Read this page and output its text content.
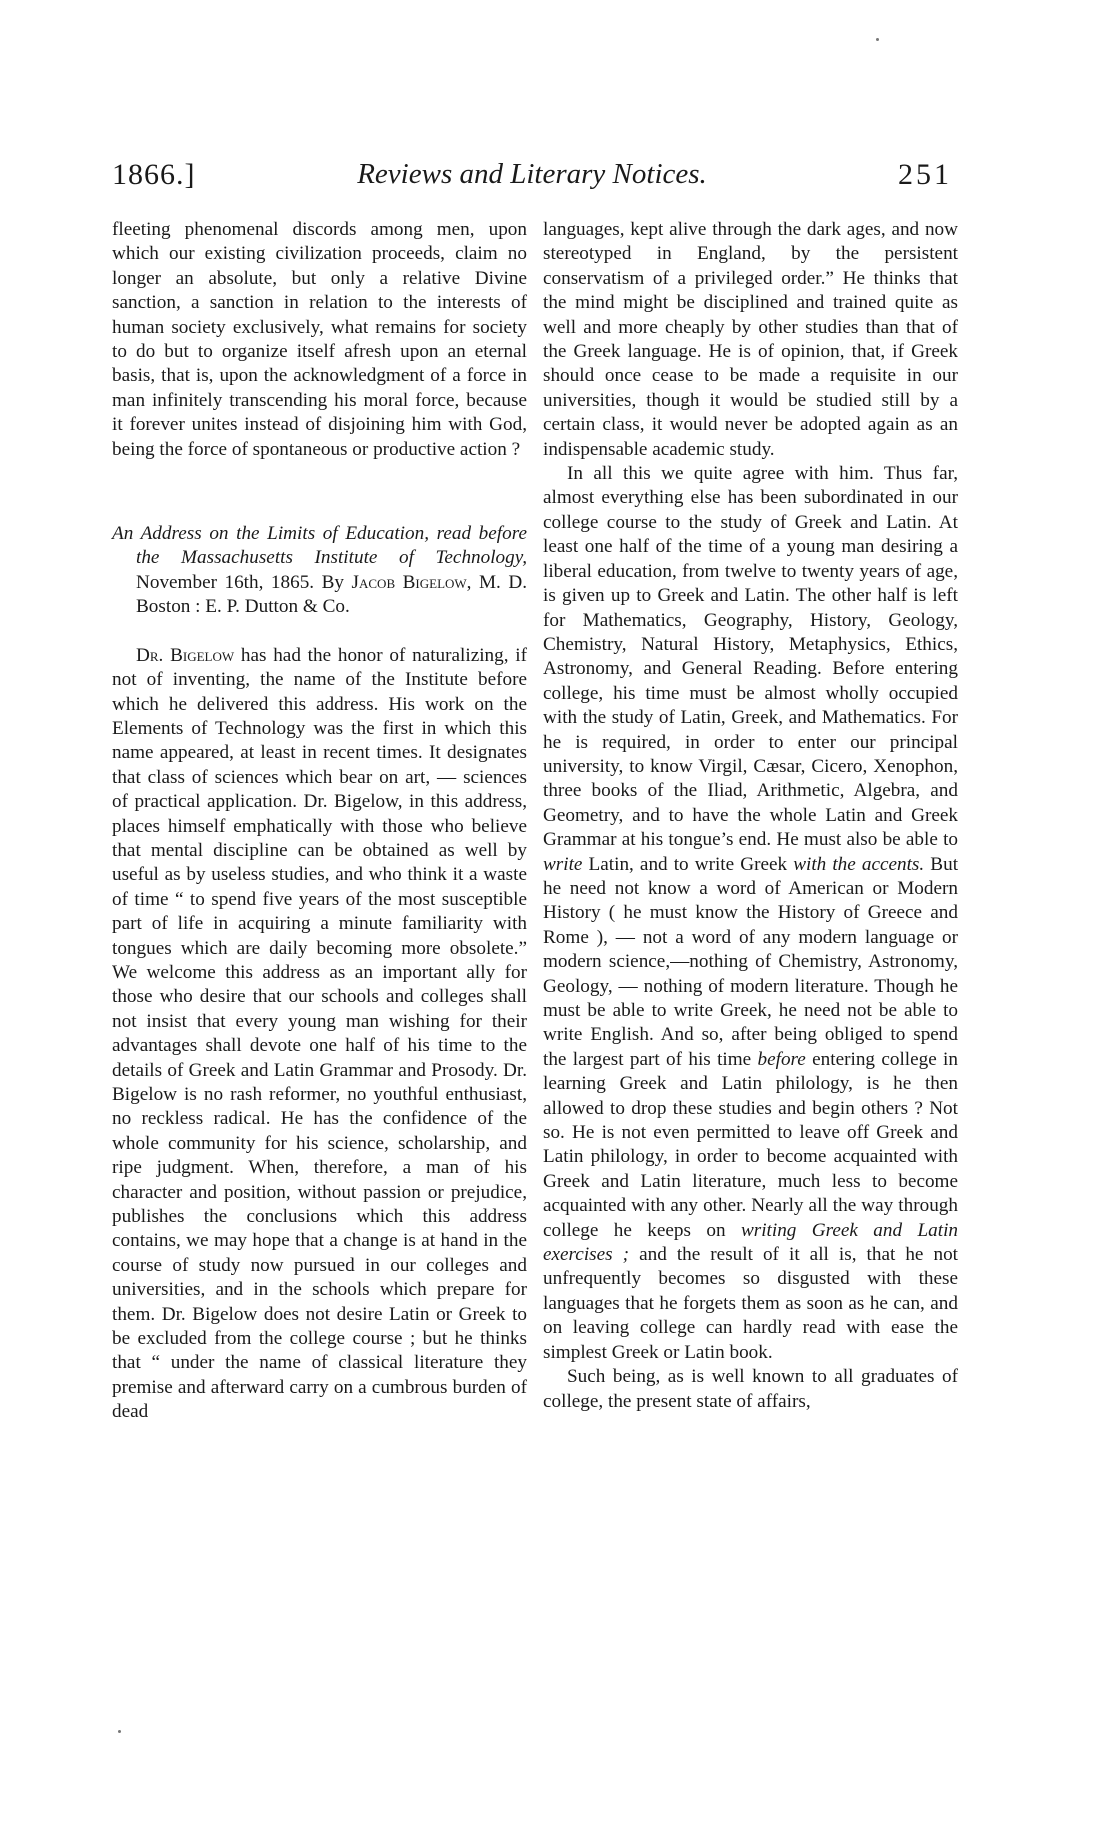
1866.]	Reviews and Literary Notices.	251

fleeting phenomenal discords among men, upon which our existing civilization proceeds, claim no longer an absolute, but only a relative Divine sanction, a sanction in relation to the interests of human society exclusively, what remains for society to do but to organize itself afresh upon an eternal basis, that is, upon the acknowledgment of a force in man infinitely transcending his moral force, because it forever unites instead of disjoining him with God, being the force of spontaneous or productive action ?

An Address on the Limits of Education, read before the Massachusetts Institute of Technology, November 16th, 1865. By Jacob Bigelow, M. D. Boston : E. P. Dutton & Co.

Dr. Bigelow has had the honor of naturalizing, if not of inventing, the name of the Institute before which he delivered this address. His work on the Elements of Technology was the first in which this name appeared, at least in recent times. It designates that class of sciences which bear on art, — sciences of practical application. Dr. Bigelow, in this address, places himself emphatically with those who believe that mental discipline can be obtained as well by useful as by useless studies, and who think it a waste of time “ to spend five years of the most susceptible part of life in acquiring a minute familiarity with tongues which are daily becoming more obsolete.” We welcome this address as an important ally for those who desire that our schools and colleges shall not insist that every young man wishing for their advantages shall devote one half of his time to the details of Greek and Latin Grammar and Prosody. Dr. Bigelow is no rash reformer, no youthful enthusiast, no reckless radical. He has the confidence of the whole community for his science, scholarship, and ripe judgment. When, therefore, a man of his character and position, without passion or prejudice, publishes the conclusions which this address contains, we may hope that a change is at hand in the course of study now pursued in our colleges and universities, and in the schools which prepare for them. Dr. Bigelow does not desire Latin or Greek to be excluded from the college course ; but he thinks that “ under the name of classical literature they premise and afterward carry on a cumbrous burden of dead

languages, kept alive through the dark ages, and now stereotyped in England, by the persistent conservatism of a privileged order.” He thinks that the mind might be disciplined and trained quite as well and more cheaply by other studies than that of the Greek language. He is of opinion, that, if Greek should once cease to be made a requisite in our universities, though it would be studied still by a certain class, it would never be adopted again as an indispensable academic study.

In all this we quite agree with him. Thus far, almost everything else has been subordinated in our college course to the study of Greek and Latin. At least one half of the time of a young man desiring a liberal education, from twelve to twenty years of age, is given up to Greek and Latin. The other half is left for Mathematics, Geography, History, Geology, Chemistry, Natural History, Metaphysics, Ethics, Astronomy, and General Reading. Before entering college, his time must be almost wholly occupied with the study of Latin, Greek, and Mathematics. For he is required, in order to enter our principal university, to know Virgil, Cæsar, Cicero, Xenophon, three books of the Iliad, Arithmetic, Algebra, and Geometry, and to have the whole Latin and Greek Grammar at his tongue’s end. He must also be able to write Latin, and to write Greek with the accents. But he need not know a word of American or Modern History ( he must know the History of Greece and Rome ), — not a word of any modern language or modern science,—nothing of Chemistry, Astronomy, Geology, — nothing of modern literature. Though he must be able to write Greek, he need not be able to write English. And so, after being obliged to spend the largest part of his time before entering college in learning Greek and Latin philology, is he then allowed to drop these studies and begin others ? Not so. He is not even permitted to leave off Greek and Latin philology, in order to become acquainted with Greek and Latin literature, much less to become acquainted with any other. Nearly all the way through college he keeps on writing Greek and Latin exercises ; and the result of it all is, that he not unfrequently becomes so disgusted with these languages that he forgets them as soon as he can, and on leaving college can hardly read with ease the simplest Greek or Latin book.

Such being, as is well known to all graduates of college, the present state of affairs,
